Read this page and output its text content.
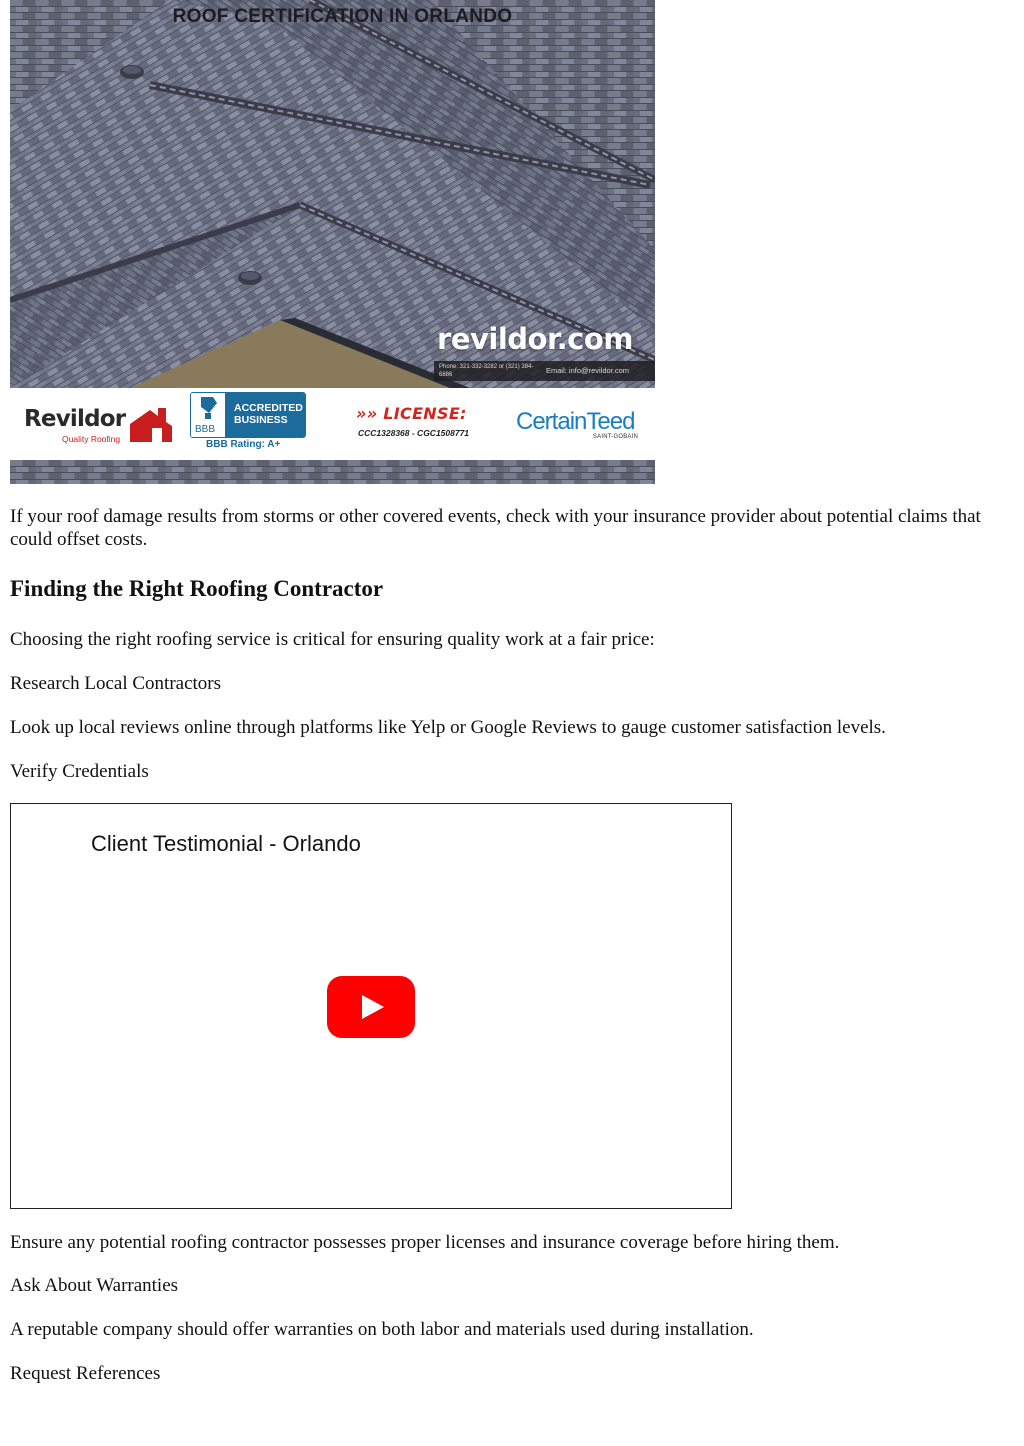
ROOF CERTIFICATION IN ORLANDO
revildor.com
Phone: 321-332-3282 or (321) 384-6886	Email: info@revildor.com
Revildor
Quality Roofing
BBB
ACCREDITED BUSINESS
BBB Rating: A+
»» LICENSE:
CCC1328368 - CGC1508771 CertainTeed
SAINT-GOBAIN

If your roof damage results from storms or other covered events, check with your insurance provider about potential claims that could offset costs.

Finding the Right Roofing Contractor

Choosing the right roofing service is critical for ensuring quality work at a fair price:

Research Local Contractors

Look up local reviews online through platforms like Yelp or Google Reviews to gauge customer satisfaction levels.

Verify Credentials

Client Testimonial - Orlando

Ensure any potential roofing contractor possesses proper licenses and insurance coverage before hiring them.

Ask About Warranties

A reputable company should offer warranties on both labor and materials used during installation.

Request References
